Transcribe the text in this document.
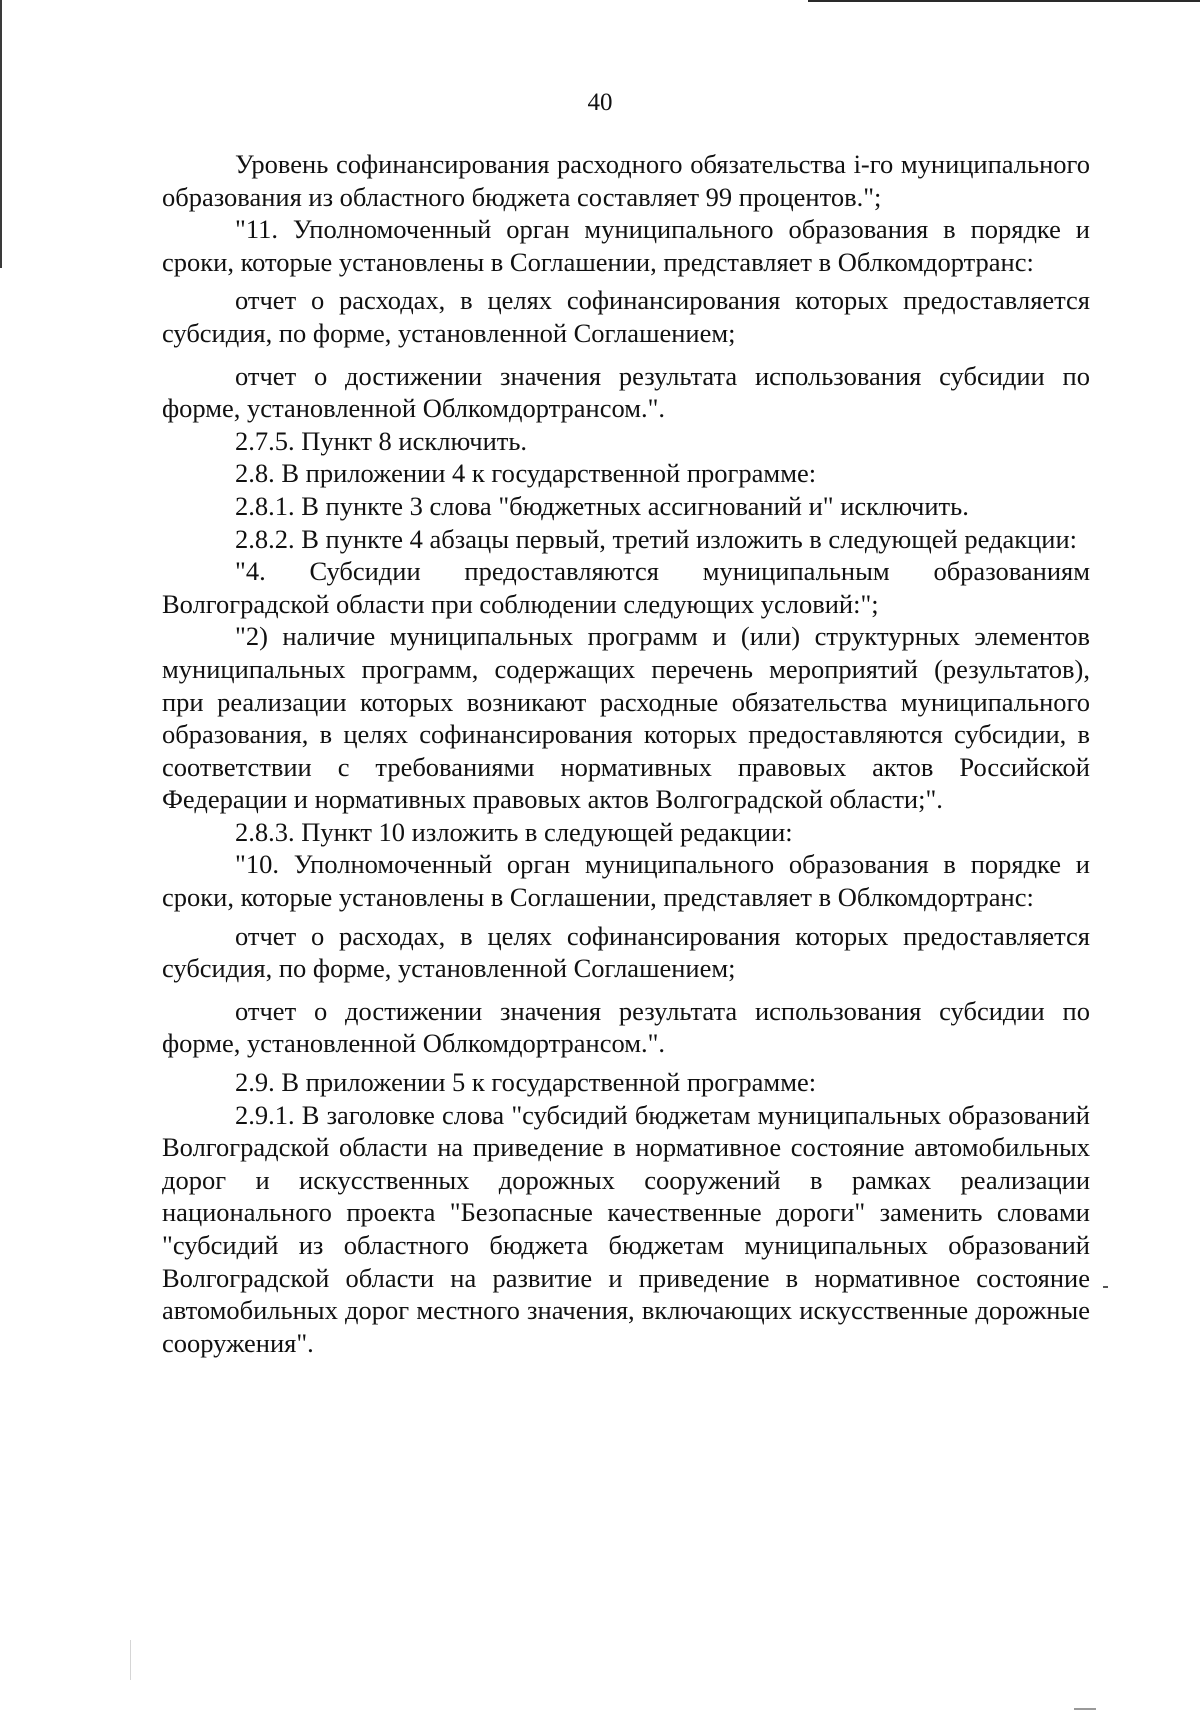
40

Уровень софинансирования расходного обязательства i-го муниципального образования из областного бюджета составляет 99 процентов.";

"11. Уполномоченный орган муниципального образования в порядке и сроки, которые установлены в Соглашении, представляет в Облкомдортранс:

отчет о расходах, в целях софинансирования которых предоставляется субсидия, по форме, установленной Соглашением;

отчет о достижении значения результата использования субсидии по форме, установленной Облкомдортрансом.".

2.7.5. Пункт 8 исключить.

2.8. В приложении 4 к государственной программе:

2.8.1. В пункте 3 слова "бюджетных ассигнований и" исключить.

2.8.2. В пункте 4 абзацы первый, третий изложить в следующей редакции:

"4. Субсидии предоставляются муниципальным образованиям Волгоградской области при соблюдении следующих условий:";

"2) наличие муниципальных программ и (или) структурных элементов муниципальных программ, содержащих перечень мероприятий (результатов), при реализации которых возникают расходные обязательства муниципального образования, в целях софинансирования которых предоставляются субсидии, в соответствии с требованиями нормативных правовых актов Российской Федерации и нормативных правовых актов Волгоградской области;".

2.8.3. Пункт 10 изложить в следующей редакции:

"10. Уполномоченный орган муниципального образования в порядке и сроки, которые установлены в Соглашении, представляет в Облкомдортранс:

отчет о расходах, в целях софинансирования которых предоставляется субсидия, по форме, установленной Соглашением;

отчет о достижении значения результата использования субсидии по форме, установленной Облкомдортрансом.".

2.9. В приложении 5 к государственной программе:

2.9.1. В заголовке слова "субсидий бюджетам муниципальных образований Волгоградской области на приведение в нормативное состояние автомобильных дорог и искусственных дорожных сооружений в рамках реализации национального проекта "Безопасные качественные дороги" заменить словами "субсидий из областного бюджета бюджетам муниципальных образований Волгоградской области на развитие и приведение в нормативное состояние автомобильных дорог местного значения, включающих искусственные дорожные сооружения".
